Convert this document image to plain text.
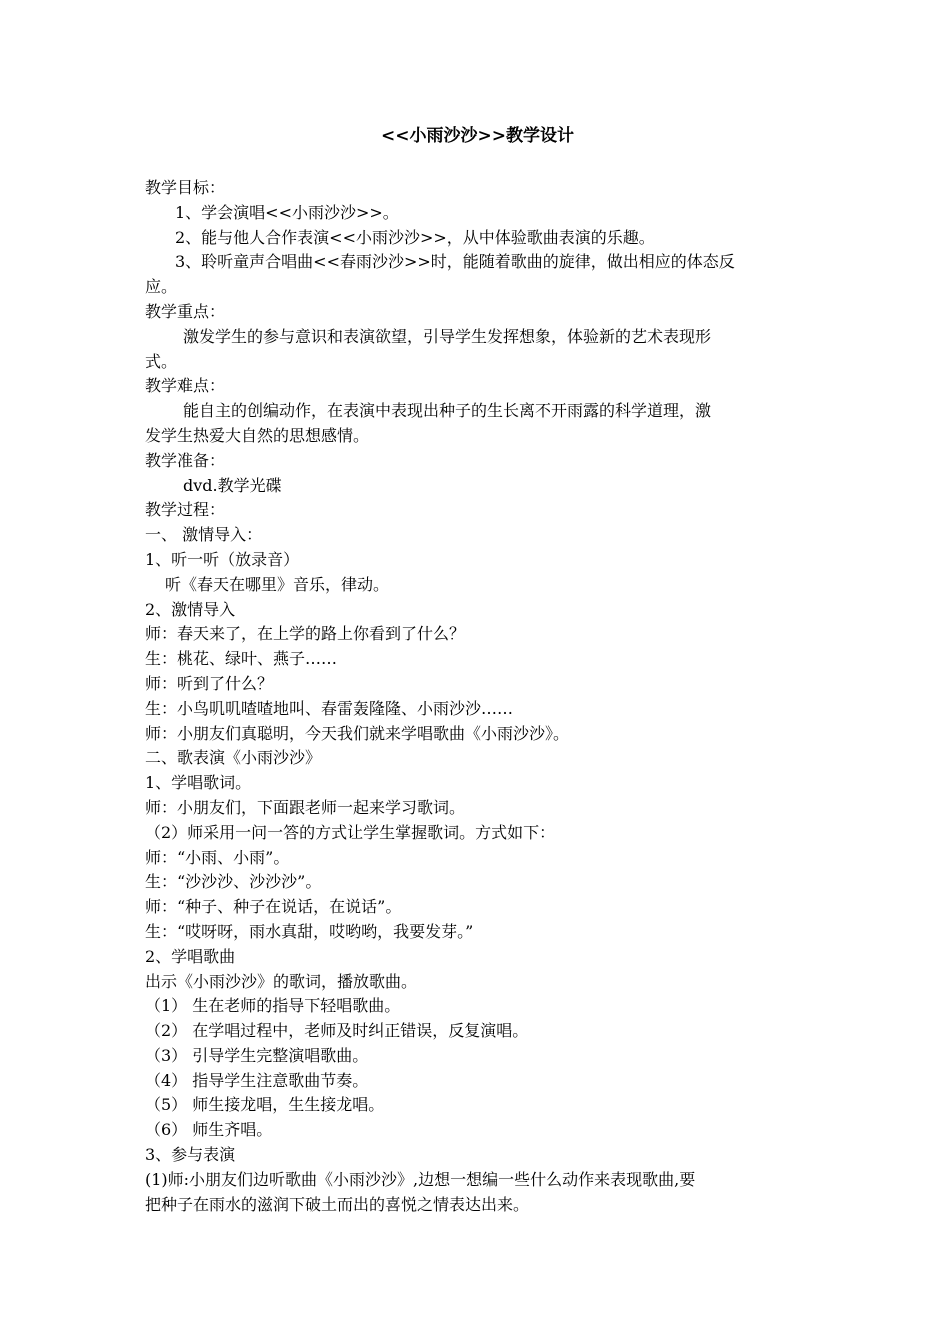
<<小雨沙沙>>教学设计
教学目标：
1、学会演唱<<小雨沙沙>>。
2、能与他人合作表演<<小雨沙沙>>，从中体验歌曲表演的乐趣。
3、聆听童声合唱曲<<春雨沙沙>>时，能随着歌曲的旋律，做出相应的体态反
应。
教学重点：
激发学生的参与意识和表演欲望，引导学生发挥想象，体验新的艺术表现形
式。
教学难点：
能自主的创编动作，在表演中表现出种子的生长离不开雨露的科学道理，激
发学生热爱大自然的思想感情。
教学准备：
dvd.教学光碟
教学过程：
一、 激情导入：
1、听一听（放录音）
听《春天在哪里》音乐，律动。
2、激情导入
师：春天来了，在上学的路上你看到了什么？
生：桃花、绿叶、燕子……
师：听到了什么？
生：小鸟叽叽喳喳地叫、春雷轰隆隆、小雨沙沙……
师：小朋友们真聪明，今天我们就来学唱歌曲《小雨沙沙》。
二、歌表演《小雨沙沙》
1、学唱歌词。
师：小朋友们，下面跟老师一起来学习歌词。
（2）师采用一问一答的方式让学生掌握歌词。方式如下：
师：“小雨、小雨”。
生：“沙沙沙、沙沙沙”。
师：“种子、种子在说话，在说话”。
生：“哎呀呀，雨水真甜，哎哟哟，我要发芽。”
2、学唱歌曲
出示《小雨沙沙》的歌词，播放歌曲。
（1） 生在老师的指导下轻唱歌曲。
（2） 在学唱过程中，老师及时纠正错误，反复演唱。
（3） 引导学生完整演唱歌曲。
（4） 指导学生注意歌曲节奏。
（5） 师生接龙唱，生生接龙唱。
（6） 师生齐唱。
3、参与表演
(1)师:小朋友们边听歌曲《小雨沙沙》,边想一想编一些什么动作来表现歌曲,要
把种子在雨水的滋润下破土而出的喜悦之情表达出来。
